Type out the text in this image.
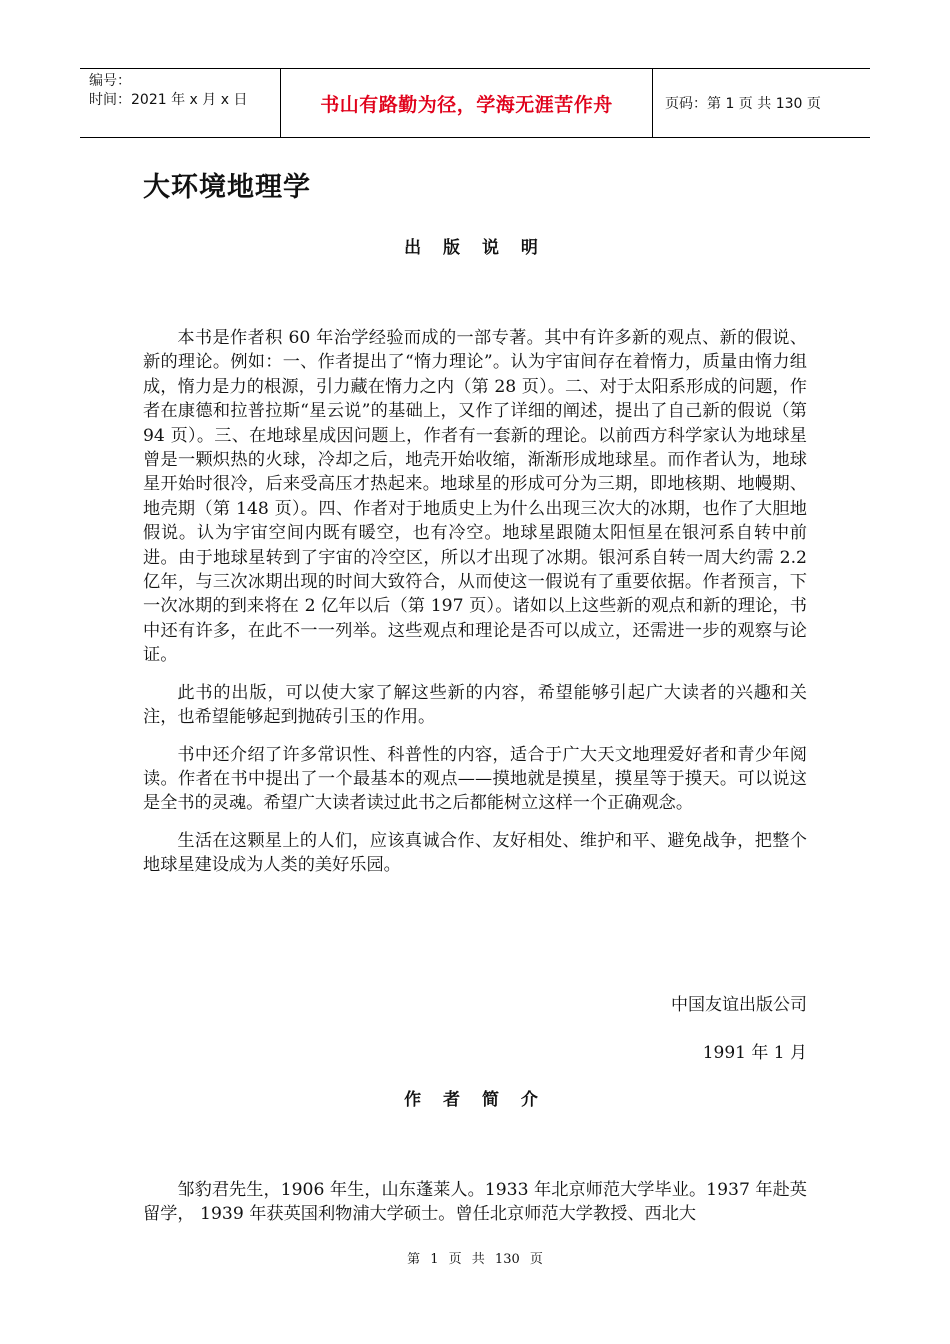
编号：
时间：2021 年 x 月 x 日	书山有路勤为径，学海无涯苦作舟	页码：第 1 页 共 130 页
大环境地理学
出 版 说 明

本书是作者积 60 年治学经验而成的一部专著。其中有许多新的观点、新的假说、新的理论。例如：一、作者提出了“惰力理论”。认为宇宙间存在着惰力，质量由惰力组成，惰力是力的根源，引力藏在惰力之内（第 28 页）。二、对于太阳系形成的问题，作者在康德和拉普拉斯“星云说”的基础上，又作了详细的阐述，提出了自己新的假说（第 94 页）。三、在地球星成因问题上，作者有一套新的理论。以前西方科学家认为地球星曾是一颗炽热的火球，冷却之后，地壳开始收缩，渐渐形成地球星。而作者认为，地球星开始时很冷，后来受高压才热起来。地球星的形成可分为三期，即地核期、地幔期、地壳期（第 148 页）。四、作者对于地质史上为什么出现三次大的冰期，也作了大胆地假说。认为宇宙空间内既有暖空，也有冷空。地球星跟随太阳恒星在银河系自转中前进。由于地球星转到了宇宙的冷空区，所以才出现了冰期。银河系自转一周大约需 2.2 亿年，与三次冰期出现的时间大致符合，从而使这一假说有了重要依据。作者预言，下一次冰期的到来将在 2 亿年以后（第 197 页）。诸如以上这些新的观点和新的理论，书中还有许多，在此不一一列举。这些观点和理论是否可以成立，还需进一步的观察与论证。

此书的出版，可以使大家了解这些新的内容，希望能够引起广大读者的兴趣和关注，也希望能够起到抛砖引玉的作用。

书中还介绍了许多常识性、科普性的内容，适合于广大天文地理爱好者和青少年阅读。作者在书中提出了一个最基本的观点——摸地就是摸星，摸星等于摸天。可以说这是全书的灵魂。希望广大读者读过此书之后都能树立这样一个正确观念。

生活在这颗星上的人们，应该真诚合作、友好相处、维护和平、避免战争，把整个地球星建设成为人类的美好乐园。

中国友谊出版公司
1991 年 1 月
作 者 简 介

邹豹君先生，1906 年生，山东蓬莱人。1933 年北京师范大学毕业。1937 年赴英留学， 1939 年获英国利物浦大学硕士。曾任北京师范大学教授、西北大

第 1 页 共 130 页
